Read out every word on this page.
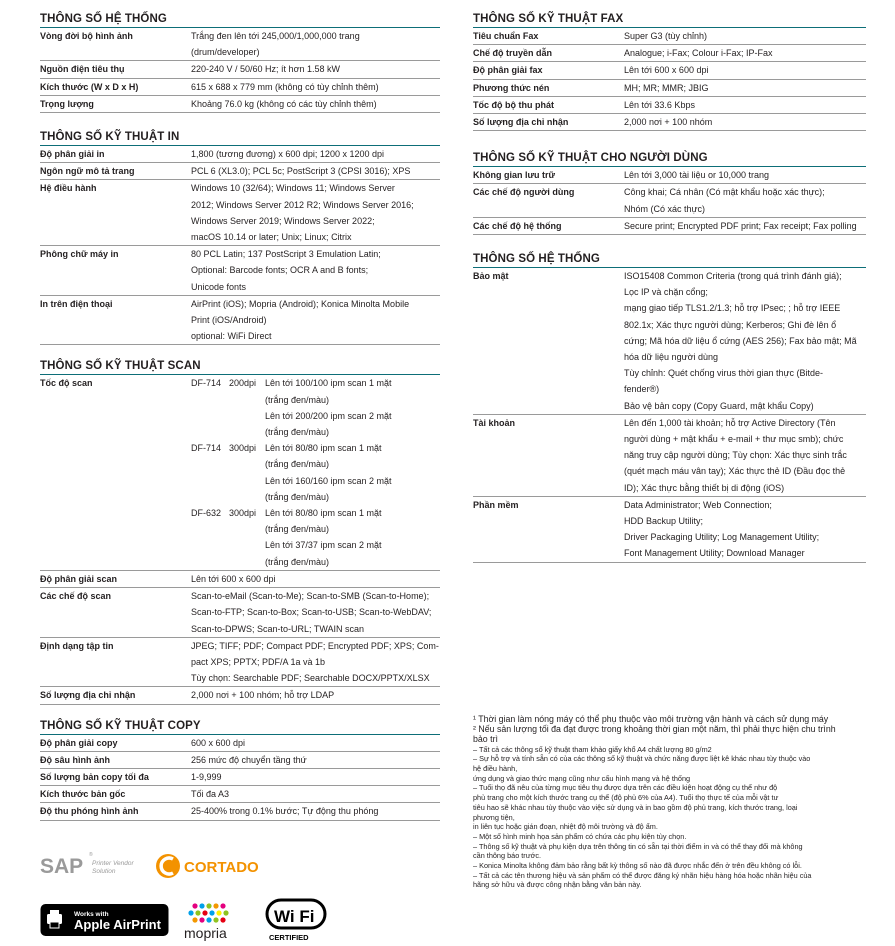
THÔNG SỐ HỆ THỐNG
Vòng đời bộ hình ảnh	Trắng đen lên tới 245,000/1,000,000 trang
(drum/developer)
Nguồn điện tiêu thụ	220-240 V / 50/60 Hz; ít hơn 1.58 kW
Kích thước (W x D x H)	615 x 688 x 779 mm (không có tùy chỉnh thêm)
Trọng lượng	Khoảng 76.0 kg (không có các tùy chỉnh thêm)
THÔNG SỐ KỸ THUẬT IN
Độ phân giải in	1,800 (tương đương) x 600 dpi; 1200 x 1200 dpi
Ngôn ngữ mô tả trang	PCL 6 (XL3.0); PCL 5c; PostScript 3 (CPSI 3016); XPS
Hệ điều hành	Windows 10 (32/64); Windows 11; Windows Server
2012; Windows Server 2012 R2; Windows Server 2016;
Windows Server 2019; Windows Server 2022;
macOS 10.14 or later; Unix; Linux; Citrix
Phông chữ máy in	80 PCL Latin; 137 PostScript 3 Emulation Latin;
Optional: Barcode fonts; OCR A and B fonts;
Unicode fonts
In trên điện thoại	AirPrint (iOS); Mopria (Android); Konica Minolta Mobile
Print (iOS/Android)
optional: WiFi Direct
THÔNG SỐ KỸ THUẬT SCAN
Tốc độ scan	DF-714 200dpi Lên tới 100/100 ipm scan 1 mặt
(trắng đen/màu)
Lên tới 200/200 ipm scan 2 mặt
(trắng đen/màu)
DF-714 300dpi Lên tới 80/80 ipm scan 1 mặt
(trắng đen/màu)
Lên tới 160/160 ipm scan 2 mặt
(trắng đen/màu)
DF-632 300dpi Lên tới 80/80 ipm scan 1 mặt
(trắng đen/màu)
Lên tới 37/37 ipm scan 2 mặt
(trắng đen/màu)
Độ phân giải scan	Lên tới 600 x 600 dpi
Các chế độ scan	Scan-to-eMail (Scan-to-Me); Scan-to-SMB (Scan-to-Home);
Scan-to-FTP; Scan-to-Box; Scan-to-USB; Scan-to-WebDAV;
Scan-to-DPWS; Scan-to-URL; TWAIN scan
Định dạng tập tin	JPEG; TIFF; PDF; Compact PDF; Encrypted PDF; XPS; Com-
pact XPS; PPTX; PDF/A 1a và 1b
Tùy chọn: Searchable PDF; Searchable DOCX/PPTX/XLSX
Số lượng địa chỉ nhận	2,000 nơi + 100 nhóm; hỗ trợ LDAP
THÔNG SỐ KỸ THUẬT COPY
Độ phân giải copy	600 x 600 dpi
Độ sâu hình ảnh	256 mức độ chuyển tầng thứ
Số lượng bản copy tối đa	1-9,999
Kích thước bản gốc	Tối đa A3
Độ thu phóng hình ảnh	25-400% trong 0.1% bước; Tự động thu phóng
THÔNG SỐ KỸ THUẬT FAX
Tiêu chuẩn Fax	Super G3 (tùy chỉnh)
Chế độ truyền dẫn	Analogue; i-Fax; Colour i-Fax; IP-Fax
Độ phân giải fax	Lên tới 600 x 600 dpi
Phương thức nén	MH; MR; MMR; JBIG
Tốc độ bộ thu phát	Lên tới 33.6 Kbps
Số lượng địa chỉ nhận	2,000 nơi + 100 nhóm
THÔNG SỐ KỸ THUẬT CHO NGƯỜI DÙNG
Không gian lưu trữ	Lên tới 3,000 tài liệu or 10,000 trang
Các chế độ người dùng	Công khai; Cá nhân (Có mật khẩu hoặc xác thực);
Nhóm (Có xác thực)
Các chế độ hệ thống	Secure print; Encrypted PDF print; Fax receipt; Fax polling
THÔNG SỐ HỆ THỐNG
Bảo mật	ISO15408 Common Criteria (trong quá trình đánh giá);
Lọc IP và chặn cổng;
mạng giao tiếp TLS1.2/1.3; hỗ trợ IPsec; ; hỗ trợ IEEE
802.1x; Xác thực người dùng; Kerberos; Ghi đè lên ổ
cứng; Mã hóa dữ liệu ổ cứng (AES 256); Fax bảo mật; Mã
hóa dữ liệu người dùng
Tùy chỉnh: Quét chống virus thời gian thực (Bitde-
fender®)
Bảo vệ bản copy (Copy Guard, mật khẩu Copy)
Tài khoản	Lên đến 1,000 tài khoản; hỗ trợ Active Directory (Tên
người dùng + mật khẩu + e-mail + thư mục smb); chức
năng truy cập người dùng; Tùy chọn: Xác thực sinh trắc
(quét mạch máu vân tay); Xác thực thẻ ID (Đầu đọc thẻ
ID); Xác thực bằng thiết bị di động (iOS)
Phần mềm	Data Administrator; Web Connection;
HDD Backup Utility;
Driver Packaging Utility; Log Management Utility;
Font Management Utility; Download Manager

¹ Thời gian làm nóng máy có thể phụ thuộc vào môi trường vận hành và cách sử dụng máy

² Nếu sản lượng tối đa đạt được trong khoảng thời gian một năm, thì phải thực hiện chu trình
bảo trì

– Tất cả các thông số kỹ thuật tham khảo giấy khổ A4 chất lượng 80 g/m2
– Sự hỗ trợ và tính sẵn có của các thông số kỹ thuật và chức năng được liệt kê khác nhau tùy thuộc vào
hệ điều hành,
ứng dụng và giao thức mạng cũng như cấu hình mạng và hệ thống
– Tuổi thọ đã nêu của từng mục tiêu thụ được dựa trên các điều kiện hoạt động cụ thể như độ
phủ trang cho một kích thước trang cụ thể (độ phủ 6% của A4). Tuổi thọ thực tế của mỗi vật tư
tiêu hao sẽ khác nhau tùy thuộc vào việc sử dụng và in bao gồm độ phủ trang, kích thước trang, loại
phương tiện,
in liên tục hoặc gián đoạn, nhiệt độ môi trường và độ ẩm.
– Một số hình minh họa sản phẩm có chứa các phụ kiện tùy chọn.
– Thông số kỹ thuật và phụ kiện dựa trên thông tin có sẵn tại thời điểm in và có thể thay đổi mà không
cần thông báo trước.
– Konica Minolta không đảm bảo rằng bất kỳ thông số nào đã được nhắc đến ở trên đều không có lỗi.
– Tất cả các tên thương hiệu và sản phẩm có thể được đăng ký nhãn hiệu hàng hóa hoặc nhãn hiệu của
hãng sở hữu và được công nhận bằng văn bản này.

SAP ®
Printer Vendor
Solution	CORTADO
Works with
Apple AirPrint
mopria
Wi Fi
CERTIFIED
